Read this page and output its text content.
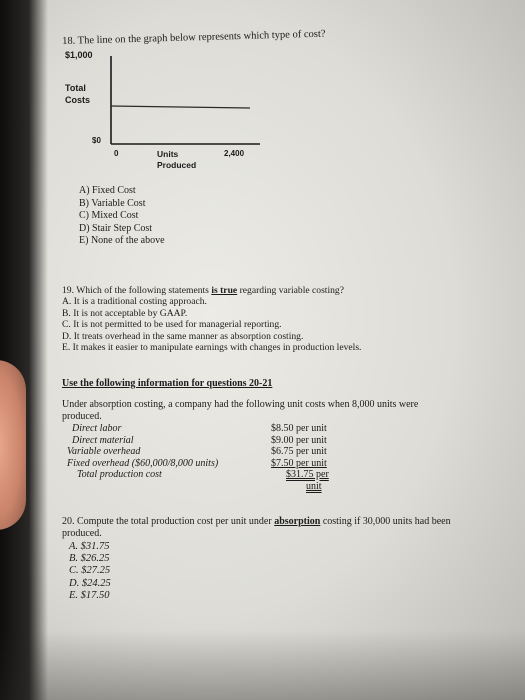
18. The line on the graph below represents which type of cost?
$1,000
Total
Costs
$0
0	Units
Produced
2,400
A) Fixed Cost
B) Variable Cost
C) Mixed Cost
D) Stair Step Cost
E) None of the above
19. Which of the following statements is true regarding variable costing?
A. It is a traditional costing approach.
B. It is not acceptable by GAAP.
C. It is not permitted to be used for managerial reporting.
D. It treats overhead in the same manner as absorption costing.
E. It makes it easier to manipulate earnings with changes in production levels.
Use the following information for questions 20-21
Under absorption costing, a company had the following unit costs when 8,000 units were
produced.
Direct labor
Direct material
Variable overhead
Fixed overhead ($60,000/8,000 units)
Total production cost
$8.50 per unit
$9.00 per unit
$6.75 per unit
$7.50 per unit
$31.75 per
unit
20. Compute the total production cost per unit under absorption costing if 30,000 units had been
produced.
A. $31.75
B. $26.25
C. $27.25
D. $24.25
E. $17.50
